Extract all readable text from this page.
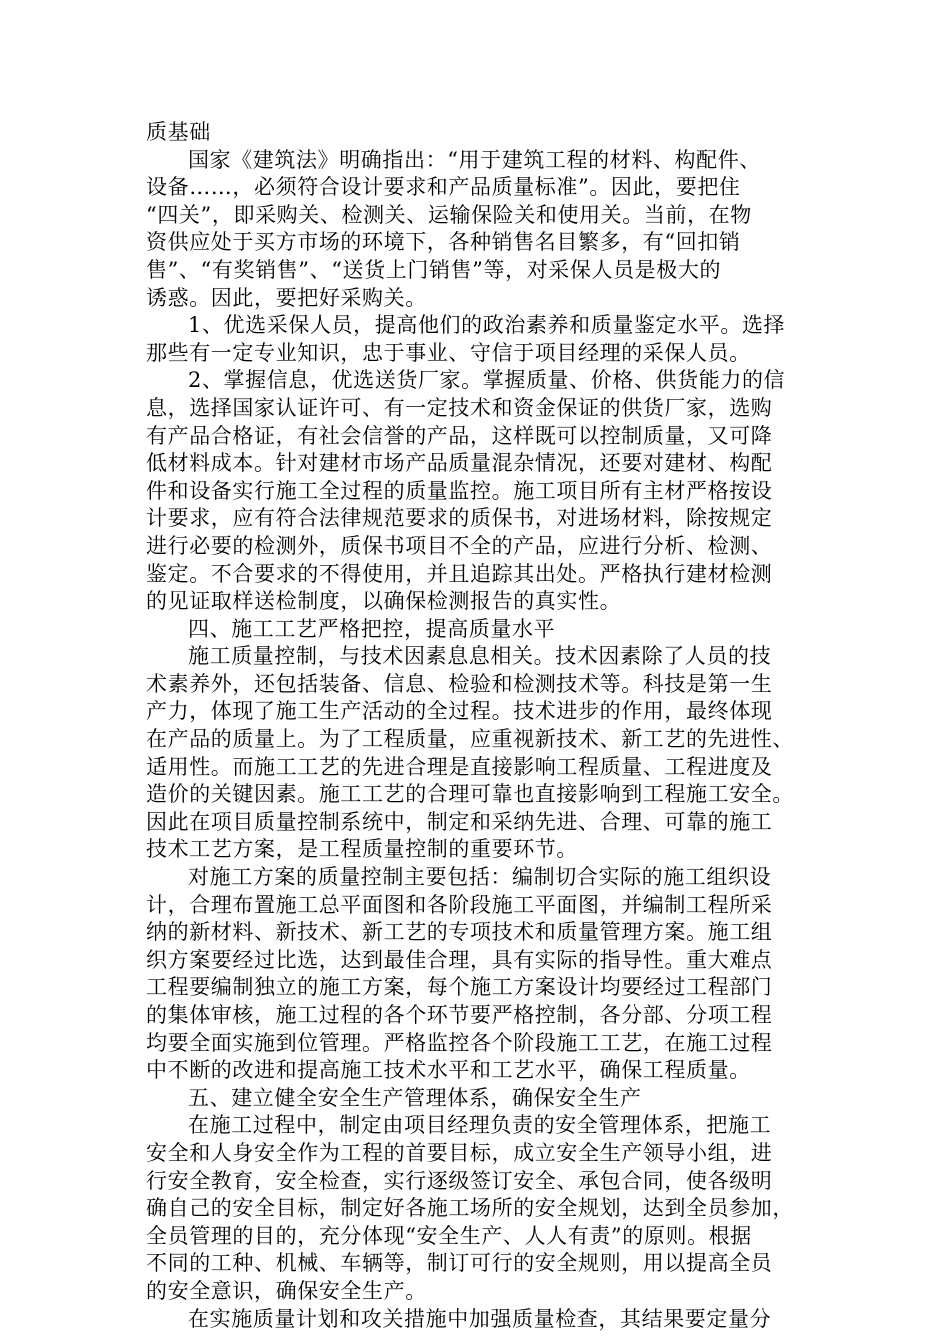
质基础
国家《建筑法》明确指出：“用于建筑工程的材料、构配件、
设备……，必须符合设计要求和产品质量标准”。因此，要把住
“四关”，即采购关、检测关、运输保险关和使用关。当前，在物
资供应处于买方市场的环境下，各种销售名目繁多，有“回扣销
售”、“有奖销售”、“送货上门销售”等，对采保人员是极大的
诱惑。因此，要把好采购关。
1、优选采保人员，提高他们的政治素养和质量鉴定水平。选择
那些有一定专业知识，忠于事业、守信于项目经理的采保人员。
2、掌握信息，优选送货厂家。掌握质量、价格、供货能力的信
息，选择国家认证许可、有一定技术和资金保证的供货厂家，选购
有产品合格证，有社会信誉的产品，这样既可以控制质量，又可降
低材料成本。针对建材市场产品质量混杂情况，还要对建材、构配
件和设备实行施工全过程的质量监控。施工项目所有主材严格按设
计要求，应有符合法律规范要求的质保书，对进场材料，除按规定
进行必要的检测外，质保书项目不全的产品，应进行分析、检测、
鉴定。不合要求的不得使用，并且追踪其出处。严格执行建材检测
的见证取样送检制度，以确保检测报告的真实性。
四、施工工艺严格把控，提高质量水平
施工质量控制，与技术因素息息相关。技术因素除了人员的技
术素养外，还包括装备、信息、检验和检测技术等。科技是第一生
产力，体现了施工生产活动的全过程。技术进步的作用，最终体现
在产品的质量上。为了工程质量，应重视新技术、新工艺的先进性、
适用性。而施工工艺的先进合理是直接影响工程质量、工程进度及
造价的关键因素。施工工艺的合理可靠也直接影响到工程施工安全。
因此在项目质量控制系统中，制定和采纳先进、合理、可靠的施工
技术工艺方案，是工程质量控制的重要环节。
对施工方案的质量控制主要包括：编制切合实际的施工组织设
计，合理布置施工总平面图和各阶段施工平面图，并编制工程所采
纳的新材料、新技术、新工艺的专项技术和质量管理方案。施工组
织方案要经过比选，达到最佳合理，具有实际的指导性。重大难点
工程要编制独立的施工方案，每个施工方案设计均要经过工程部门
的集体审核，施工过程的各个环节要严格控制，各分部、分项工程
均要全面实施到位管理。严格监控各个阶段施工工艺，在施工过程
中不断的改进和提高施工技术水平和工艺水平，确保工程质量。
五、建立健全安全生产管理体系，确保安全生产
在施工过程中，制定由项目经理负责的安全管理体系，把施工
安全和人身安全作为工程的首要目标，成立安全生产领导小组，进
行安全教育，安全检查，实行逐级签订安全、承包合同，使各级明
确自己的安全目标，制定好各施工场所的安全规划，达到全员参加，
全员管理的目的，充分体现“安全生产、人人有责”的原则。根据
不同的工种、机械、车辆等，制订可行的安全规则，用以提高全员
的安全意识，确保安全生产。
在实施质量计划和攻关措施中加强质量检查，其结果要定量分
